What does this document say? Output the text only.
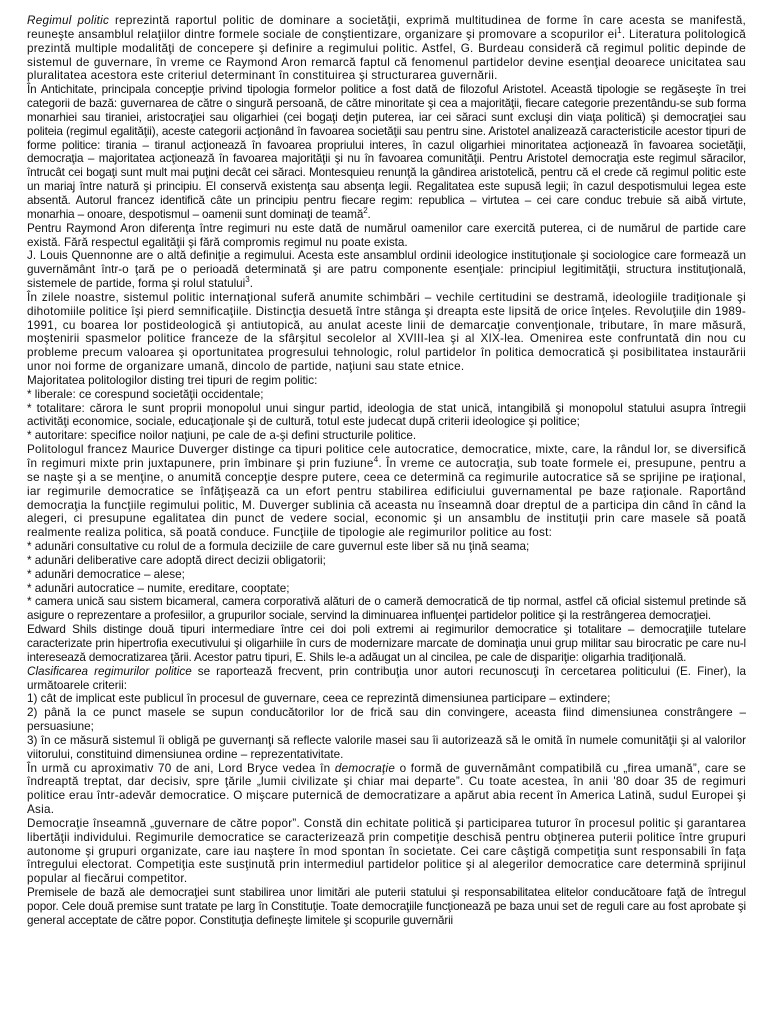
Regimul politic reprezintă raportul politic de dominare a societăţii, exprimă multitudinea de forme în care acesta se manifestă, reuneşte ansamblul relaţiilor dintre formele sociale de conştientizare, organizare şi promovare a scopurilor $ei^1$. Literatura politologică prezintă multiple modalităţi de concepere şi definire a regimului politic. Astfel, G. Burdeau consideră că regimul politic depinde de sistemul de guvernare, în vreme ce Raymond Aron remarcă faptul că fenomenul partidelor devine esenţial deoarece unicitatea sau pluralitatea acestora este criteriul determinant în constituirea şi structurarea guvernării.

În Antichitate, principala concepţie privind tipologia formelor politice a fost dată de filozoful Aristotel. Această tipologie se regăseşte în trei categorii de bază: guvernarea de către o singură persoană, de către minoritate şi cea a majorităţii, fiecare categorie prezentându-se sub forma monarhiei sau tiraniei, aristocraţiei sau oligarhiei (cei bogaţi deţin puterea, iar cei săraci sunt excluşi din viaţa politică) şi democraţiei sau politeia (regimul egalităţii), aceste categorii acţionând în favoarea societăţii sau pentru sine. Aristotel analizează caracteristicile acestor tipuri de forme politice: tirania – tiranul acţionează în favoarea propriului interes, în cazul oligarhiei minoritatea acţionează în favoarea societăţii, democraţia – majoritatea acţionează în favoarea majorităţii şi nu în favoarea comunităţii. Pentru Aristotel democraţia este regimul săracilor, întrucât cei bogaţi sunt mult mai puţini decât cei săraci. Montesquieu renunţă la gândirea aristotelică, pentru că el crede că regimul politic este un mariaj între natură şi principiu. El conservă existenţa sau absenţa legii. Regalitatea este supusă legii; în cazul despotismului legea este absentă. Autorul francez identifică câte un principiu pentru fiecare regim: republica – virtutea – cei care conduc trebuie să aibă virtute, monarhia – onoare, despotismul – oamenii sunt dominaţi de teamă$^2$.

Pentru Raymond Aron diferenţa între regimuri nu este dată de numărul oamenilor care exercită puterea, ci de numărul de partide care există. Fără respectul egalităţii şi fără compromis regimul nu poate exista.

J. Louis Quennonne are o altă definiţie a regimului. Acesta este ansamblul ordinii ideologice instituţionale şi sociologice care formează un guvernământ într-o ţară pe o perioadă determinată şi are patru componente esenţiale: principiul legitimităţii, structura instituţională, sistemele de partide, forma şi rolul statului$^3$.

În zilele noastre, sistemul politic internaţional suferă anumite schimbări – vechile certitudini se destramă, ideologiile tradiţionale şi dihotomiile politice îşi pierd semnificaţiile. Distincţia desuetă între stânga şi dreapta este lipsită de orice înţeles. Revoluţiile din 1989-1991, cu boarea lor postideologică şi antiutopică, au anulat aceste linii de demarcaţie convenţionale, tributare, în mare măsură, moştenirii spasmelor politice franceze de la sfârşitul secolelor al XVIII-lea şi al XIX-lea. Omenirea este confruntată din nou cu probleme precum valoarea şi oportunitatea progresului tehnologic, rolul partidelor în politica democratică şi posibilitatea instaurării unor noi forme de organizare umană, dincolo de partide, naţiuni sau state etnice.

Majoritatea politologilor disting trei tipuri de regim politic:

* liberale: ce corespund societăţii occidentale;

* totalitare: cărora le sunt proprii monopolul unui singur partid, ideologia de stat unică, intangibilă şi monopolul statului asupra întregii activităţi economice, sociale, educaţionale şi de cultură, totul este judecat după criterii ideologice şi politice;

* autoritare: specifice noilor naţiuni, pe cale de a-şi defini structurile politice.

Politologul francez Maurice Duverger distinge ca tipuri politice cele autocratice, democratice, mixte, care, la rândul lor, se diversifică în regimuri mixte prin juxtapunere, prin îmbinare şi prin fuziune$^4$. În vreme ce autocraţia, sub toate formele ei, presupune, pentru a se naşte şi a se menţine, o anumită concepţie despre putere, ceea ce determină ca regimurile autocratice să se sprijine pe iraţional, iar regimurile democratice se înfăţişează ca un efort pentru stabilirea edificiului guvernamental pe baze raţionale. Raportând democraţia la funcţiile regimului politic, M. Duverger sublinia că aceasta nu înseamnă doar dreptul de a participa din când în când la alegeri, ci presupune egalitatea din punct de vedere social, economic şi un ansamblu de instituţii prin care masele să poată realmente realiza politica, să poată conduce. Funcţiile de tipologie ale regimurilor politice au fost:

* adunări consultative cu rolul de a formula deciziile de care guvernul este liber să nu ţină seama;

* adunări deliberative care adoptă direct decizii obligatorii;

* adunări democratice – alese;

* adunări autocratice – numite, ereditare, cooptate;

* camera unică sau sistem bicameral, camera corporativă alături de o cameră democratică de tip normal, astfel că oficial sistemul pretinde să asigure o reprezentare a profesiilor, a grupurilor sociale, servind la diminuarea influenţei partidelor politice şi la restrângerea democraţiei.

Edward Shils distinge două tipuri intermediare între cei doi poli extremi ai regimurilor democratice şi totalitare – democraţiile tutelare caracterizate prin hipertrofia executivului şi oligarhiile în curs de modernizare marcate de dominaţia unui grup militar sau birocratic pe care nu-l interesează democratizarea ţării. Acestor patru tipuri, E. Shils le-a adăugat un al cincilea, pe cale de dispariţie: oligarhia tradiţională.

Clasificarea regimurilor politice se raportează frecvent, prin contribuţia unor autori recunoscuţi în cercetarea politicului (E. Finer), la următoarele criterii:

1) cât de implicat este publicul în procesul de guvernare, ceea ce reprezintă dimensiunea participare – extindere;

2) până la ce punct masele se supun conducătorilor lor de frică sau din convingere, aceasta fiind dimensiunea constrângere – persuasiune;

3) în ce măsură sistemul îi obligă pe guvernanţi să reflecte valorile masei sau îi autorizează să le omită în numele comunităţii şi al valorilor viitorului, constituind dimensiunea ordine – reprezentativitate.

În urmă cu aproximativ 70 de ani, Lord Bryce vedea în democraţie o formă de guvernământ compatibilă cu „firea umană”, care se îndreaptă treptat, dar decisiv, spre ţările „lumii civilizate şi chiar mai departe”. Cu toate acestea, în anii '80 doar 35 de regimuri politice erau într-adevăr democratice. O mişcare puternică de democratizare a apărut abia recent în America Latină, sudul Europei şi Asia.

Democraţie înseamnă „guvernare de către popor”. Constă din echitate politică şi participarea tuturor în procesul politic şi garantarea libertăţii individului. Regimurile democratice se caracterizează prin competiţie deschisă pentru obţinerea puterii politice între grupuri autonome şi grupuri organizate, care iau naştere în mod spontan în societate. Cei care câştigă competiţia sunt responsabili în faţa întregului electorat. Competiţia este susţinută prin intermediul partidelor politice şi al alegerilor democratice care determină sprijinul popular al fiecărui competitor.

Premisele de bază ale democraţiei sunt stabilirea unor limitări ale puterii statului şi responsabilitatea elitelor conducătoare faţă de întregul popor. Cele două premise sunt tratate pe larg în Constituţie. Toate democraţiile funcţionează pe baza unui set de reguli care au fost aprobate şi general acceptate de către popor. Constituţia defineşte limitele şi scopurile guvernării
